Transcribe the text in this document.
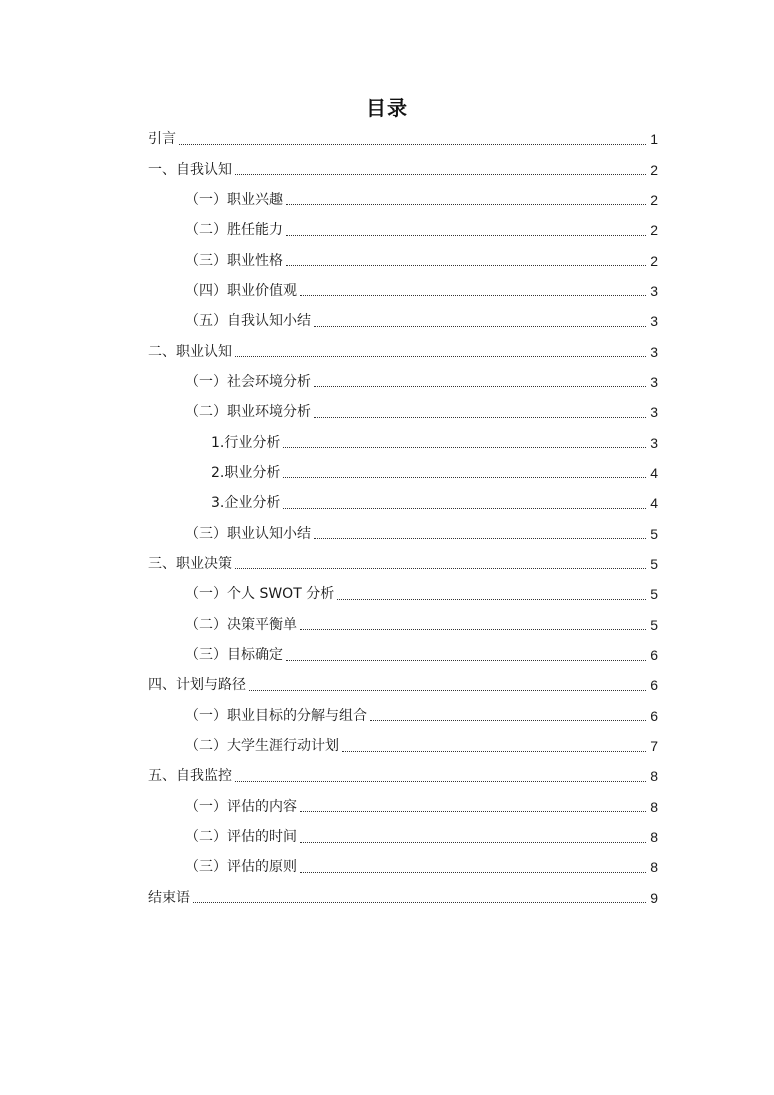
目录
引言	1
一、自我认知	2
（一）职业兴趣	2
（二）胜任能力	2
（三）职业性格	2
（四）职业价值观	3
（五）自我认知小结	3
二、职业认知	3
（一）社会环境分析	3
（二）职业环境分析	3
1.行业分析	3
2.职业分析	4
3.企业分析	4
（三）职业认知小结	5
三、职业决策	5
（一）个人 SWOT 分析	5
（二）决策平衡单	5
（三）目标确定	6
四、计划与路径	6
（一）职业目标的分解与组合	6
（二）大学生涯行动计划	7
五、自我监控	8
（一）评估的内容	8
（二）评估的时间	8
（三）评估的原则	8
结束语	9
